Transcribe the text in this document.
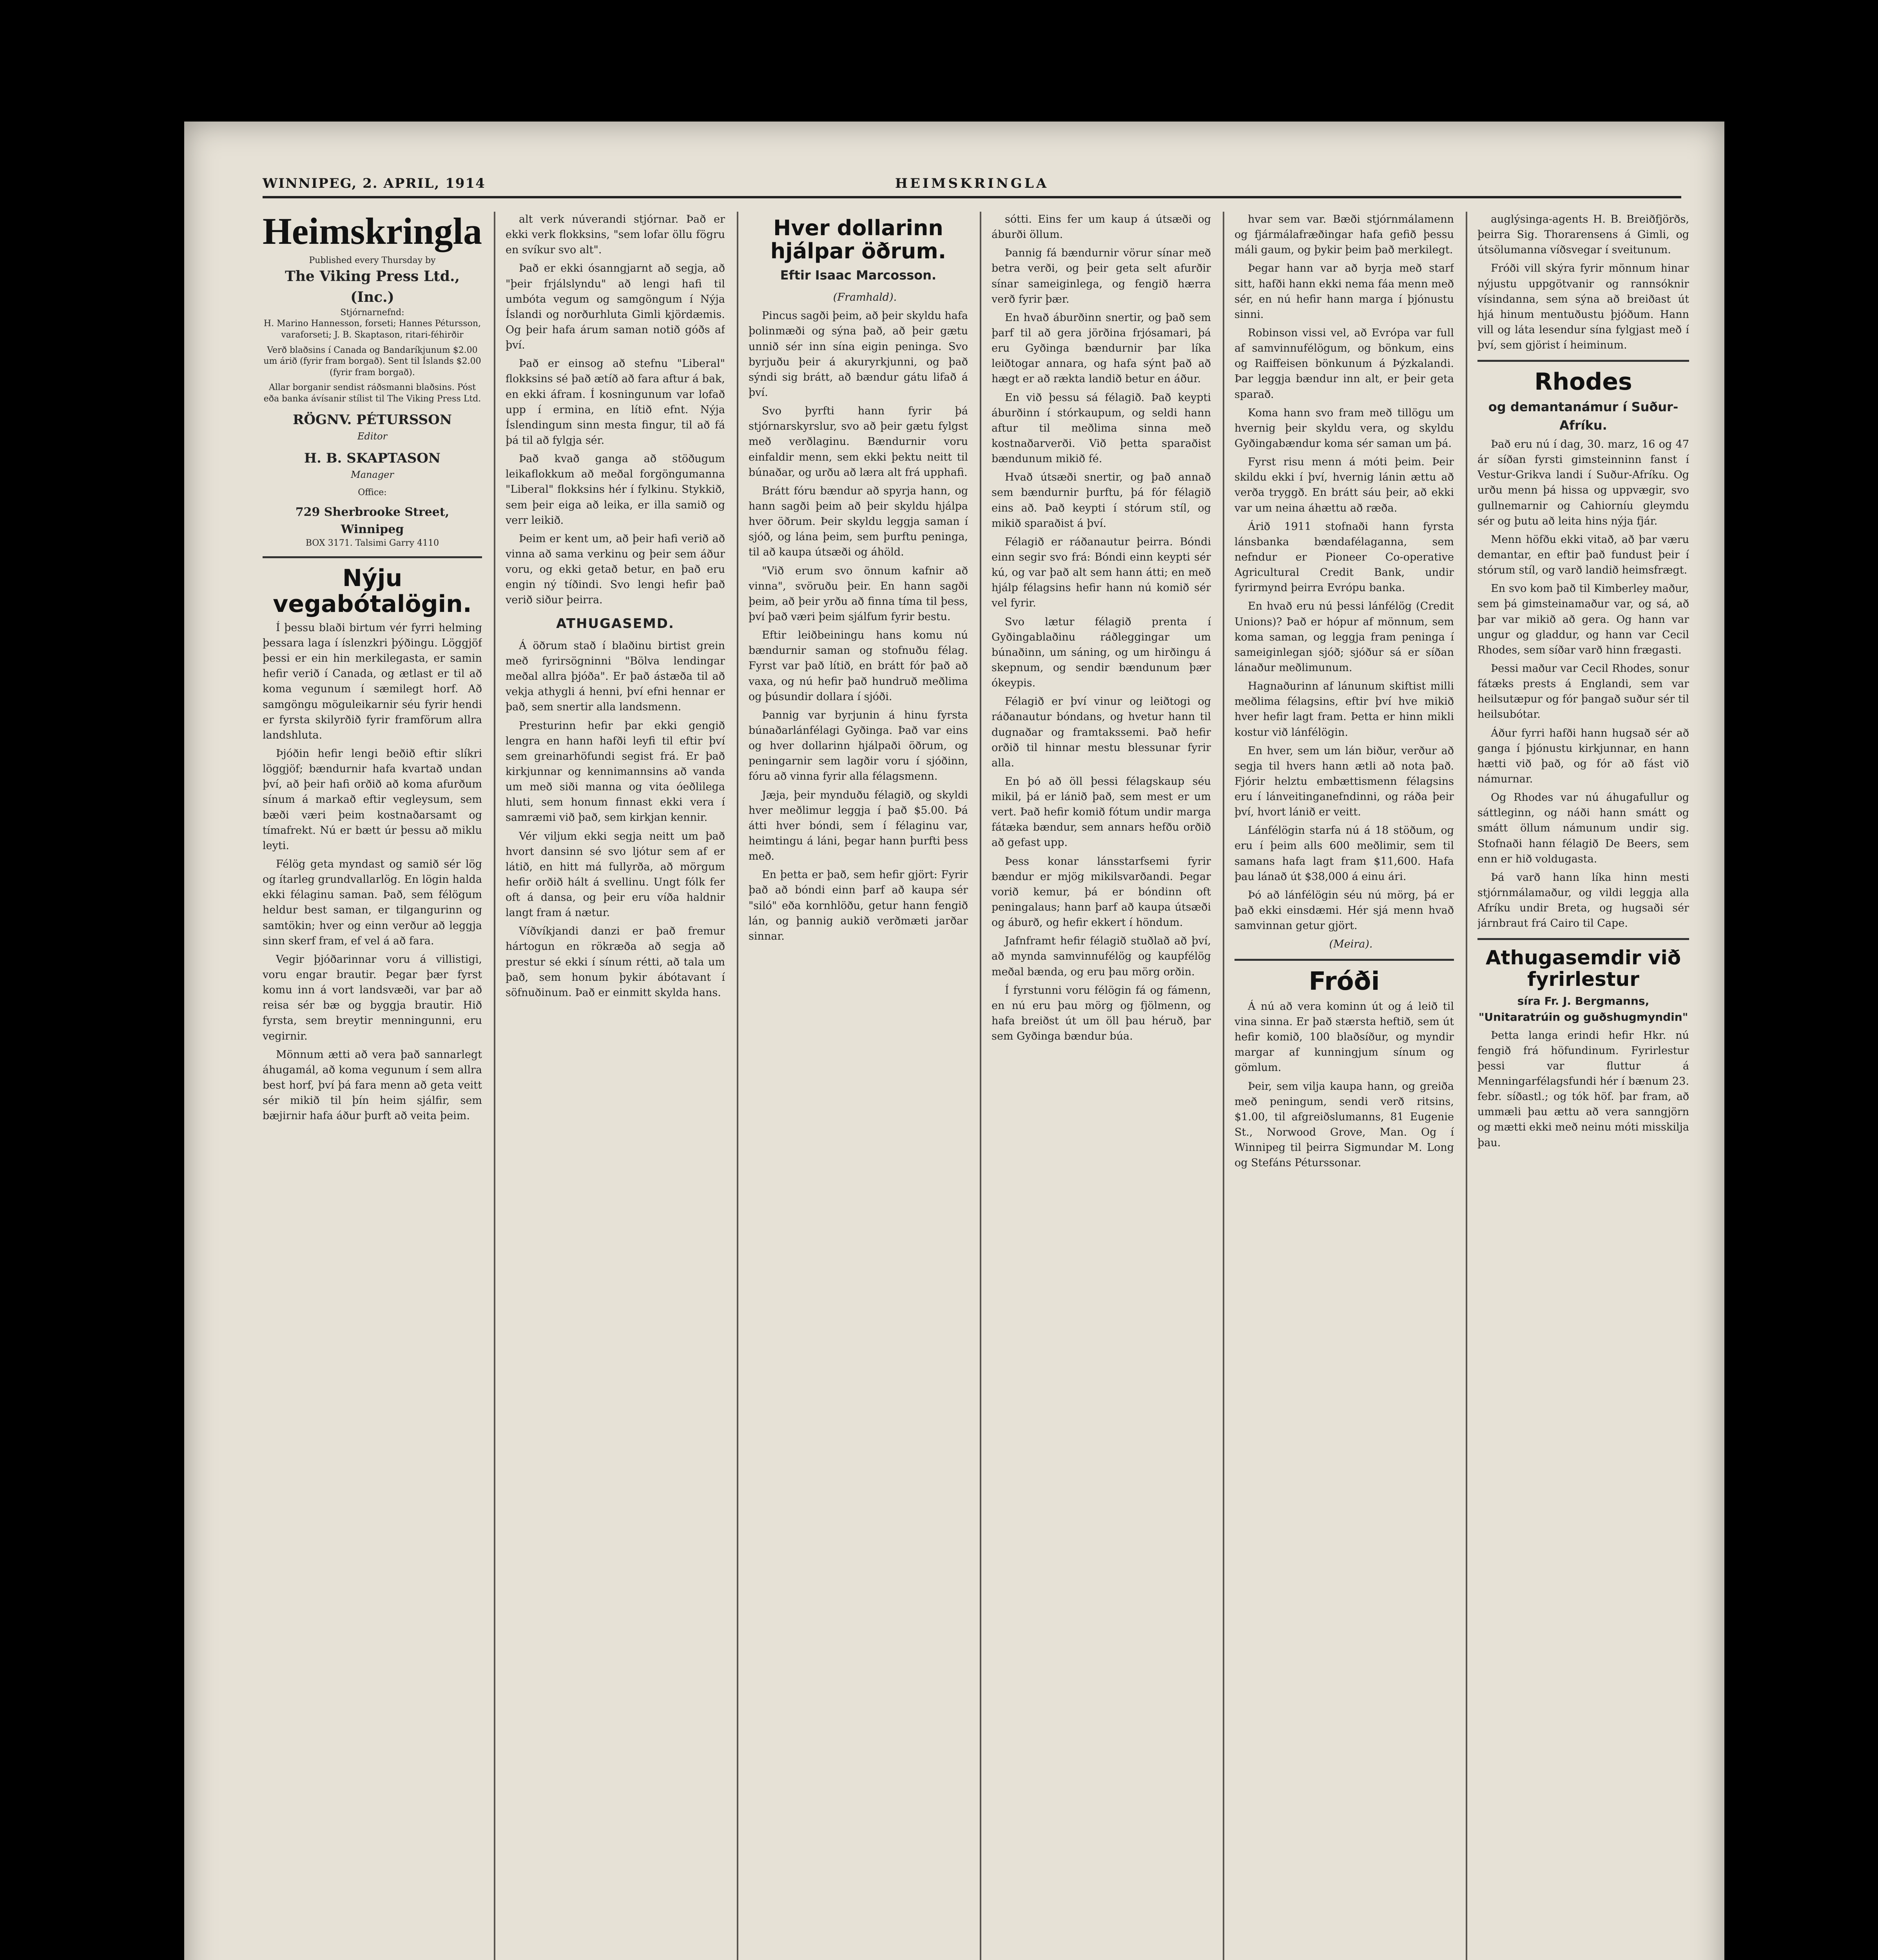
WINNIPEG, 2. APRIL, 1914	HEIMSKRINGLA
Heimskringla
Published every Thursday by
The Viking Press Ltd., (Inc.)
Stjórnarnefnd:
H. Marino Hannesson, forseti; Hannes Pétursson, varaforseti; J. B. Skaptason, ritari-féhirðir
Verð blaðsins í Canada og Bandaríkjunum $2.00 um árið (fyrir fram borgað). Sent til Íslands $2.00 (fyrir fram borgað).
Allar borganir sendist ráðsmanni blaðsins. Póst eða banka ávísanir stílist til The Viking Press Ltd.
RÖGNV. PÉTURSSON
Editor
H. B. SKAPTASON
Manager
Office:
729 Sherbrooke Street, Winnipeg
BOX 3171. Talsimi Garry 4110
Nýju vegabótalögin.

Í þessu blaði birtum vér fyrri helming þessara laga í íslenzkri þýðingu. Löggjöf þessi er ein hin merkilegasta, er samin hefir verið í Canada, og ætlast er til að koma vegunum í sæmilegt horf. Að samgöngu möguleikarnir séu fyrir hendi er fyrsta skilyrðið fyrir framförum allra landshluta.

Þjóðin hefir lengi beðið eftir slíkri löggjöf; bændurnir hafa kvartað undan því, að þeir hafi orðið að koma afurðum sínum á markað eftir vegleysum, sem bæði væri þeim kostnaðarsamt og tímafrekt. Nú er bætt úr þessu að miklu leyti.

Félög geta myndast og samið sér lög og ítarleg grundvallarlög. En lögin halda ekki félaginu saman. Það, sem félögum heldur best saman, er tilgangurinn og samtökin; hver og einn verður að leggja sinn skerf fram, ef vel á að fara.

Vegir þjóðarinnar voru á villistigi, voru engar brautir. Þegar þær fyrst komu inn á vort landsvæði, var þar að reisa sér bæ og byggja brautir. Hið fyrsta, sem breytir menningunni, eru vegirnir.

Mönnum ætti að vera það sannarlegt áhugamál, að koma vegunum í sem allra best horf, því þá fara menn að geta veitt sér mikið til þín heim sjálfir, sem bæjirnir hafa áður þurft að veita þeim.

alt verk núverandi stjórnar. Það er ekki verk flokksins, "sem lofar öllu fögru en svíkur svo alt".

Það er ekki ósanngjarnt að segja, að "þeir frjálslyndu" að lengi hafi til umbóta vegum og samgöngum í Nýja Íslandi og norðurhluta Gimli kjördæmis. Og þeir hafa árum saman notið góðs af því.

Það er einsog að stefnu "Liberal" flokksins sé það ætíð að fara aftur á bak, en ekki áfram. Í kosningunum var lofað upp í ermina, en lítið efnt. Nýja Íslendingum sinn mesta fingur, til að fá þá til að fylgja sér.

Það kvað ganga að stöðugum leikaflokkum að meðal forgöngumanna "Liberal" flokksins hér í fylkinu. Stykkið, sem þeir eiga að leika, er illa samið og verr leikið.

Þeim er kent um, að þeir hafi verið að vinna að sama verkinu og þeir sem áður voru, og ekki getað betur, en það eru engin ný tíðindi. Svo lengi hefir það verið siður þeirra.

ATHUGASEMD.

Á öðrum stað í blaðinu birtist grein með fyrirsögninni "Bölva lendingar meðal allra þjóða". Er það ástæða til að vekja athygli á henni, því efni hennar er það, sem snertir alla landsmenn.

Presturinn hefir þar ekki gengið lengra en hann hafði leyfi til eftir því sem greinarhöfundi segist frá. Er það kirkjunnar og kennimannsins að vanda um með siði manna og vita óeðlilega hluti, sem honum finnast ekki vera í samræmi við það, sem kirkjan kennir.

Vér viljum ekki segja neitt um það hvort dansinn sé svo ljótur sem af er látið, en hitt má fullyrða, að mörgum hefir orðið hált á svellinu. Ungt fólk fer oft á dansa, og þeir eru víða haldnir langt fram á nætur.

Víðvíkjandi danzi er það fremur hártogun en rökræða að segja að prestur sé ekki í sínum rétti, að tala um það, sem honum þykir ábótavant í söfnuðinum. Það er einmitt skylda hans.

Hver dollarinn hjálpar öðrum.
Eftir Isaac Marcosson.

(Framhald).

Pincus sagði þeim, að þeir skyldu hafa þolinmæði og sýna það, að þeir gætu unnið sér inn sína eigin peninga. Svo byrjuðu þeir á akuryrkjunni, og það sýndi sig brátt, að bændur gátu lifað á því.

Svo þyrfti hann fyrir þá stjórnarskyrslur, svo að þeir gætu fylgst með verðlaginu. Bændurnir voru einfaldir menn, sem ekki þektu neitt til búnaðar, og urðu að læra alt frá upphafi.

Brátt fóru bændur að spyrja hann, og hann sagði þeim að þeir skyldu hjálpa hver öðrum. Þeir skyldu leggja saman í sjóð, og lána þeim, sem þurftu peninga, til að kaupa útsæði og áhöld.

"Við erum svo önnum kafnir að vinna", svöruðu þeir. En hann sagði þeim, að þeir yrðu að finna tíma til þess, því það væri þeim sjálfum fyrir bestu.

Eftir leiðbeiningu hans komu nú bændurnir saman og stofnuðu félag. Fyrst var það lítið, en brátt fór það að vaxa, og nú hefir það hundruð meðlima og þúsundir dollara í sjóði.

Þannig var byrjunin á hinu fyrsta búnaðarlánfélagi Gyðinga. Það var eins og hver dollarinn hjálpaði öðrum, og peningarnir sem lagðir voru í sjóðinn, fóru að vinna fyrir alla félagsmenn.

Jæja, þeir mynduðu félagið, og skyldi hver meðlimur leggja í það $5.00. Þá átti hver bóndi, sem í félaginu var, heimtingu á láni, þegar hann þurfti þess með.

En þetta er það, sem hefir gjört: Fyrir það að bóndi einn þarf að kaupa sér "siló" eða kornhlöðu, getur hann fengið lán, og þannig aukið verðmæti jarðar sinnar.

sótti. Eins fer um kaup á útsæði og áburði öllum.

Þannig fá bændurnir vörur sínar með betra verði, og þeir geta selt afurðir sínar sameiginlega, og fengið hærra verð fyrir þær.

En hvað áburðinn snertir, og það sem þarf til að gera jörðina frjósamari, þá eru Gyðinga bændurnir þar líka leiðtogar annara, og hafa sýnt það að hægt er að rækta landið betur en áður.

En við þessu sá félagið. Það keypti áburðinn í stórkaupum, og seldi hann aftur til meðlima sinna með kostnaðarverði. Við þetta sparaðist bændunum mikið fé.

Hvað útsæði snertir, og það annað sem bændurnir þurftu, þá fór félagið eins að. Það keypti í stórum stíl, og mikið sparaðist á því.

Félagið er ráðanautur þeirra. Bóndi einn segir svo frá: Bóndi einn keypti sér kú, og var það alt sem hann átti; en með hjálp félagsins hefir hann nú komið sér vel fyrir.

Svo lætur félagið prenta í Gyðingablaðinu ráðleggingar um búnaðinn, um sáning, og um hirðingu á skepnum, og sendir bændunum þær ókeypis.

Félagið er því vinur og leiðtogi og ráðanautur bóndans, og hvetur hann til dugnaðar og framtakssemi. Það hefir orðið til hinnar mestu blessunar fyrir alla.

En þó að öll þessi félagskaup séu mikil, þá er lánið það, sem mest er um vert. Það hefir komið fótum undir marga fátæka bændur, sem annars hefðu orðið að gefast upp.

Þess konar lánsstarfsemi fyrir bændur er mjög mikilsvarðandi. Þegar vorið kemur, þá er bóndinn oft peningalaus; hann þarf að kaupa útsæði og áburð, og hefir ekkert í höndum.

Jafnframt hefir félagið stuðlað að því, að mynda samvinnufélög og kaupfélög meðal bænda, og eru þau mörg orðin.

Í fyrstunni voru félögin fá og fámenn, en nú eru þau mörg og fjölmenn, og hafa breiðst út um öll þau héruð, þar sem Gyðinga bændur búa.

hvar sem var. Bæði stjórnmálamenn og fjármálafræðingar hafa gefið þessu máli gaum, og þykir þeim það merkilegt.

Þegar hann var að byrja með starf sitt, hafði hann ekki nema fáa menn með sér, en nú hefir hann marga í þjónustu sinni.

Robinson vissi vel, að Evrópa var full af samvinnufélögum, og bönkum, eins og Raiffeisen bönkunum á Þýzkalandi. Þar leggja bændur inn alt, er þeir geta sparað.

Koma hann svo fram með tillögu um hvernig þeir skyldu vera, og skyldu Gyðingabændur koma sér saman um þá.

Fyrst risu menn á móti þeim. Þeir skildu ekki í því, hvernig lánin ættu að verða tryggð. En brátt sáu þeir, að ekki var um neina áhættu að ræða.

Árið 1911 stofnaði hann fyrsta lánsbanka bændafélaganna, sem nefndur er Pioneer Co-operative Agricultural Credit Bank, undir fyrirmynd þeirra Evrópu banka.

En hvað eru nú þessi lánfélög (Credit Unions)? Það er hópur af mönnum, sem koma saman, og leggja fram peninga í sameiginlegan sjóð; sjóður sá er síðan lánaður meðlimunum.

Hagnaðurinn af lánunum skiftist milli meðlima félagsins, eftir því hve mikið hver hefir lagt fram. Þetta er hinn mikli kostur við lánfélögin.

En hver, sem um lán biður, verður að segja til hvers hann ætli að nota það. Fjórir helztu embættismenn félagsins eru í lánveitinganefndinni, og ráða þeir því, hvort lánið er veitt.

Lánfélögin starfa nú á 18 stöðum, og eru í þeim alls 600 meðlimir, sem til samans hafa lagt fram $11,600. Hafa þau lánað út $38,000 á einu ári.

Þó að lánfélögin séu nú mörg, þá er það ekki einsdæmi. Hér sjá menn hvað samvinnan getur gjört.

(Meira).

Fróði

Á nú að vera kominn út og á leið til vina sinna. Er það stærsta heftið, sem út hefir komið, 100 blaðsíður, og myndir margar af kunningjum sínum og gömlum.

Þeir, sem vilja kaupa hann, og greiða með peningum, sendi verð ritsins, $1.00, til afgreiðslumanns, 81 Eugenie St., Norwood Grove, Man. Og í Winnipeg til þeirra Sigmundar M. Long og Stefáns Péturssonar.

auglýsinga-agents H. B. Breiðfjörðs, þeirra Sig. Thorarensens á Gimli, og útsölumanna víðsvegar í sveitunum.

Fróði vill skýra fyrir mönnum hinar nýjustu uppgötvanir og rannsóknir vísindanna, sem sýna að breiðast út hjá hinum mentuðustu þjóðum. Hann vill og láta lesendur sína fylgjast með í því, sem gjörist í heiminum.

Rhodes
og demantanámur í Suður-Afríku.

Það eru nú í dag, 30. marz, 16 og 47 ár síðan fyrsti gimsteinninn fanst í Vestur-Grikva landi í Suður-Afríku. Og urðu menn þá hissa og uppvægir, svo gullnemarnir og Cahiorníu gleymdu sér og þutu að leita hins nýja fjár.

Menn höfðu ekki vitað, að þar væru demantar, en eftir það fundust þeir í stórum stíl, og varð landið heimsfrægt.

En svo kom það til Kimberley maður, sem þá gimsteinamaður var, og sá, að þar var mikið að gera. Og hann var ungur og gladdur, og hann var Cecil Rhodes, sem síðar varð hinn frægasti.

Þessi maður var Cecil Rhodes, sonur fátæks prests á Englandi, sem var heilsutæpur og fór þangað suður sér til heilsubótar.

Áður fyrri hafði hann hugsað sér að ganga í þjónustu kirkjunnar, en hann hætti við það, og fór að fást við námurnar.

Og Rhodes var nú áhugafullur og sáttleginn, og náði hann smátt og smátt öllum námunum undir sig. Stofnaði hann félagið De Beers, sem enn er hið voldugasta.

Þá varð hann líka hinn mesti stjórnmálamaður, og vildi leggja alla Afríku undir Breta, og hugsaði sér járnbraut frá Cairo til Cape.

Athugasemdir við fyrirlestur
síra Fr. J. Bergmanns, "Unitaratrúin og guðshugmyndin"

Þetta langa erindi hefir Hkr. nú fengið frá höfundinum. Fyrirlestur þessi var fluttur á Menningarfélagsfundi hér í bænum 23. febr. síðastl.; og tók höf. þar fram, að ummæli þau ættu að vera sanngjörn og mætti ekki með neinu móti misskilja þau.
